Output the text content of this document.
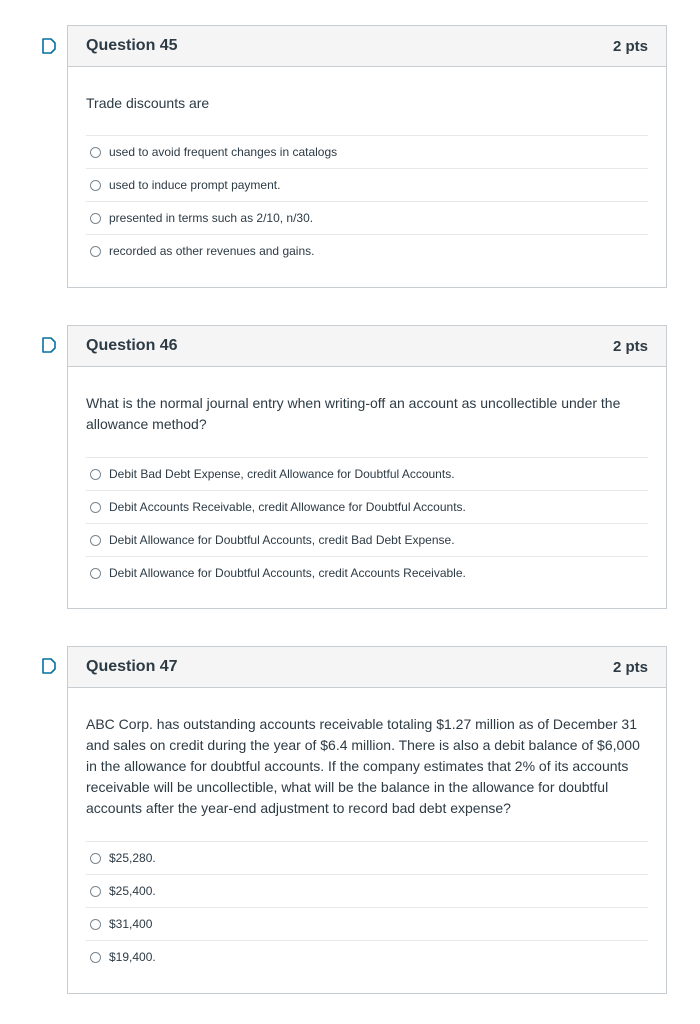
Question 45	2 pts

Trade discounts are

used to avoid frequent changes in catalogs
used to induce prompt payment.
presented in terms such as 2/10, n/30.
recorded as other revenues and gains.
Question 46	2 pts

What is the normal journal entry when writing-off an account as uncollectible under the allowance method?

Debit Bad Debt Expense, credit Allowance for Doubtful Accounts.
Debit Accounts Receivable, credit Allowance for Doubtful Accounts.
Debit Allowance for Doubtful Accounts, credit Bad Debt Expense.
Debit Allowance for Doubtful Accounts, credit Accounts Receivable.
Question 47	2 pts

ABC Corp. has outstanding accounts receivable totaling $1.27 million as of December 31 and sales on credit during the year of $6.4 million. There is also a debit balance of $6,000 in the allowance for doubtful accounts. If the company estimates that 2% of its accounts receivable will be uncollectible, what will be the balance in the allowance for doubtful accounts after the year-end adjustment to record bad debt expense?

$25,280.
$25,400.
$31,400
$19,400.
